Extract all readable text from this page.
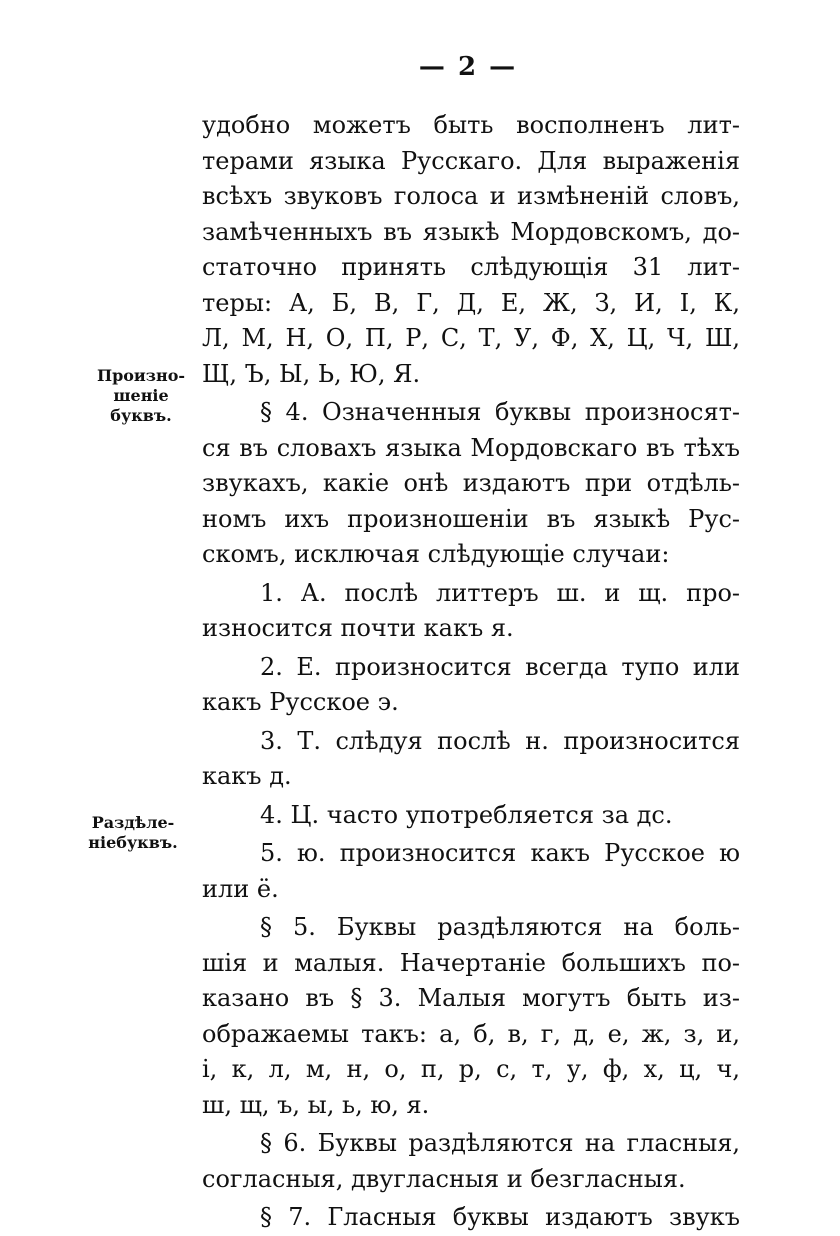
— 2 —
Произно-
шеніе
буквъ.
Раздѣле-
ніебуквъ.
удобно можетъ быть восполненъ лит-
терами языка Русскаго. Для выраженія
всѣхъ звуковъ голоса и измѣненій словъ,
замѣченныхъ въ языкѣ Мордовскомъ, до-
статочно принять слѣдующія 31 лит-
теры: А, Б, В, Г, Д, Е, Ж, З, И, І, К,
Л, М, Н, О, П, Р, С, Т, У, Ф, Х, Ц, Ч, Ш,
Щ, Ъ, Ы, Ь, Ю, Я.
§ 4. Означенныя буквы произносят-
ся въ словахъ языка Мордовскаго въ тѣхъ
звукахъ, какіе онѣ издаютъ при отдѣль-
номъ ихъ произношеніи въ языкѣ Рус-
скомъ, исключая слѣдующіе случаи:
1. А. послѣ литтеръ ш. и щ. про-
износится почти какъ я.
2. Е. произносится всегда тупо или
какъ Русское э.
3. Т. слѣдуя послѣ н. произносится
какъ д.
4. Ц. часто употребляется за дс.
5. ю. произносится какъ Русское ю
или ё.
§ 5. Буквы раздѣляются на боль-
шія и малыя. Начертаніе большихъ по-
казано въ § 3. Малыя могутъ быть из-
ображаемы такъ: а, б, в, г, д, е, ж, з, и,
і, к, л, м, н, о, п, р, с, т, у, ф, х, ц, ч,
ш, щ, ъ, ы, ь, ю, я.
§ 6. Буквы раздѣляются на гласныя,
согласныя, двугласныя и безгласныя.
§ 7. Гласныя буквы издаютъ звукъ
